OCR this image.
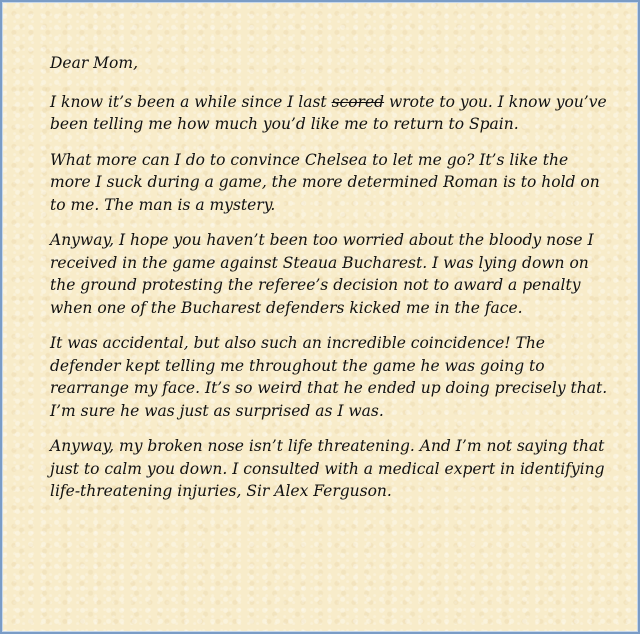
Dear Mom,

I know it’s been a while since I last scored wrote to you. I know you’ve been telling me how much you’d like me to return to Spain.

What more can I do to convince Chelsea to let me go? It’s like the more I suck during a game, the more determined Roman is to hold on to me. The man is a mystery.

Anyway, I hope you haven’t been too worried about the bloody nose I received in the game against Steaua Bucharest. I was lying down on the ground protesting the referee’s decision not to award a penalty when one of the Bucharest defenders kicked me in the face.

It was accidental, but also such an incredible coincidence! The defender kept telling me throughout the game he was going to rearrange my face. It’s so weird that he ended up doing precisely that. I’m sure he was just as surprised as I was.

Anyway, my broken nose isn’t life threatening. And I’m not saying that just to calm you down. I consulted with a medical expert in identifying life-threatening injuries, Sir Alex Ferguson.
